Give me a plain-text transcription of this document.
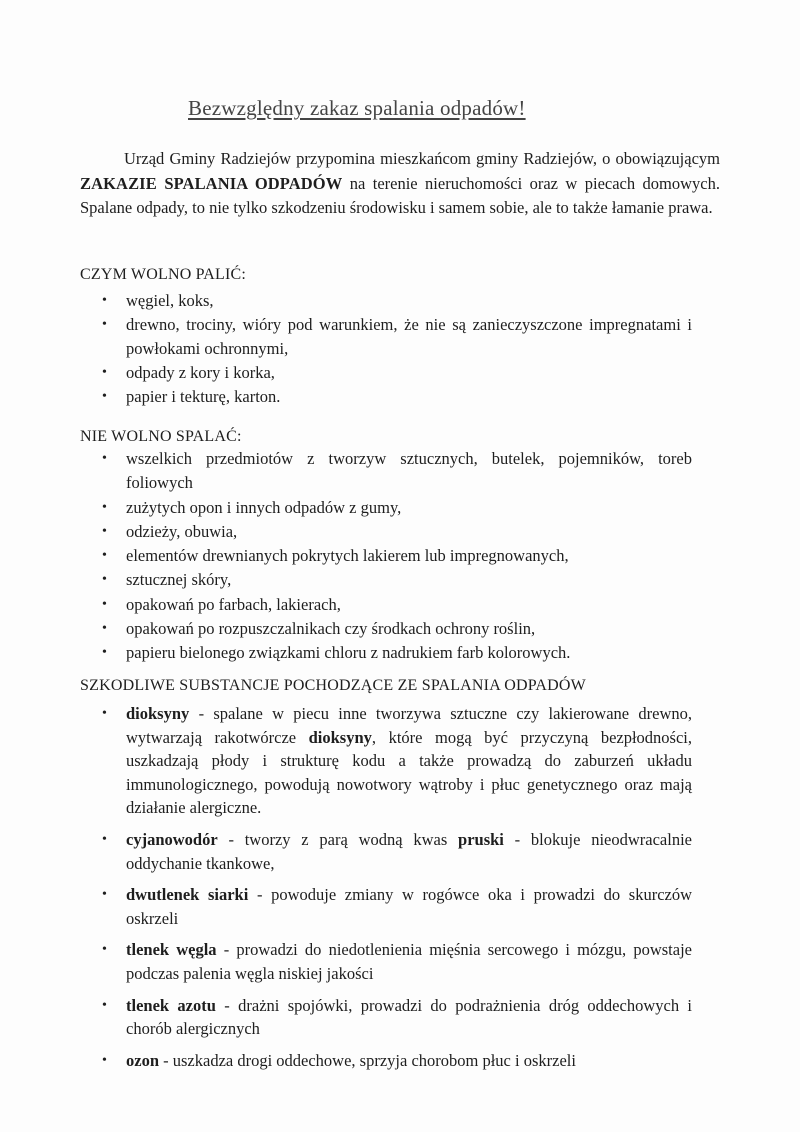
Bezwzględny zakaz spalania odpadów!
Urząd Gminy Radziejów przypomina mieszkańcom gminy Radziejów, o obowiązującym ZAKAZIE SPALANIA ODPADÓW na terenie nieruchomości oraz w piecach domowych. Spalane odpady, to nie tylko szkodzeniu środowisku i samem sobie, ale to także łamanie prawa.
CZYM WOLNO PALIĆ:
• węgiel, koks,
• drewno, trociny, wióry pod warunkiem, że nie są zanieczyszczone impregnatami i powłokami ochronnymi,
• odpady z kory i korka,
• papier i tekturę, karton.
NIE WOLNO SPALAĆ:
• wszelkich przedmiotów z tworzyw sztucznych, butelek, pojemników, toreb foliowych
• zużytych opon i innych odpadów z gumy,
• odzieży, obuwia,
• elementów drewnianych pokrytych lakierem lub impregnowanych,
• sztucznej skóry,
• opakowań po farbach, lakierach,
• opakowań po rozpuszczalnikach czy środkach ochrony roślin,
• papieru bielonego związkami chloru z nadrukiem farb kolorowych.
SZKODLIWE SUBSTANCJE POCHODZĄCE ZE SPALANIA ODPADÓW
• dioksyny - spalane w piecu inne tworzywa sztuczne czy lakierowane drewno, wytwarzają rakotwórcze dioksyny, które mogą być przyczyną bezpłodności, uszkadzają płody i strukturę kodu a także prowadzą do zaburzeń układu immunologicznego, powodują nowotwory wątroby i płuc genetycznego oraz mają działanie alergiczne.
• cyjanowodór - tworzy z parą wodną kwas pruski - blokuje nieodwracalnie oddychanie tkankowe,
• dwutlenek siarki - powoduje zmiany w rogówce oka i prowadzi do skurczów oskrzeli
• tlenek węgla - prowadzi do niedotlenienia mięśnia sercowego i mózgu, powstaje podczas palenia węgla niskiej jakości
• tlenek azotu - drażni spojówki, prowadzi do podrażnienia dróg oddechowych i chorób alergicznych
• ozon - uszkadza drogi oddechowe, sprzyja chorobom płuc i oskrzeli
